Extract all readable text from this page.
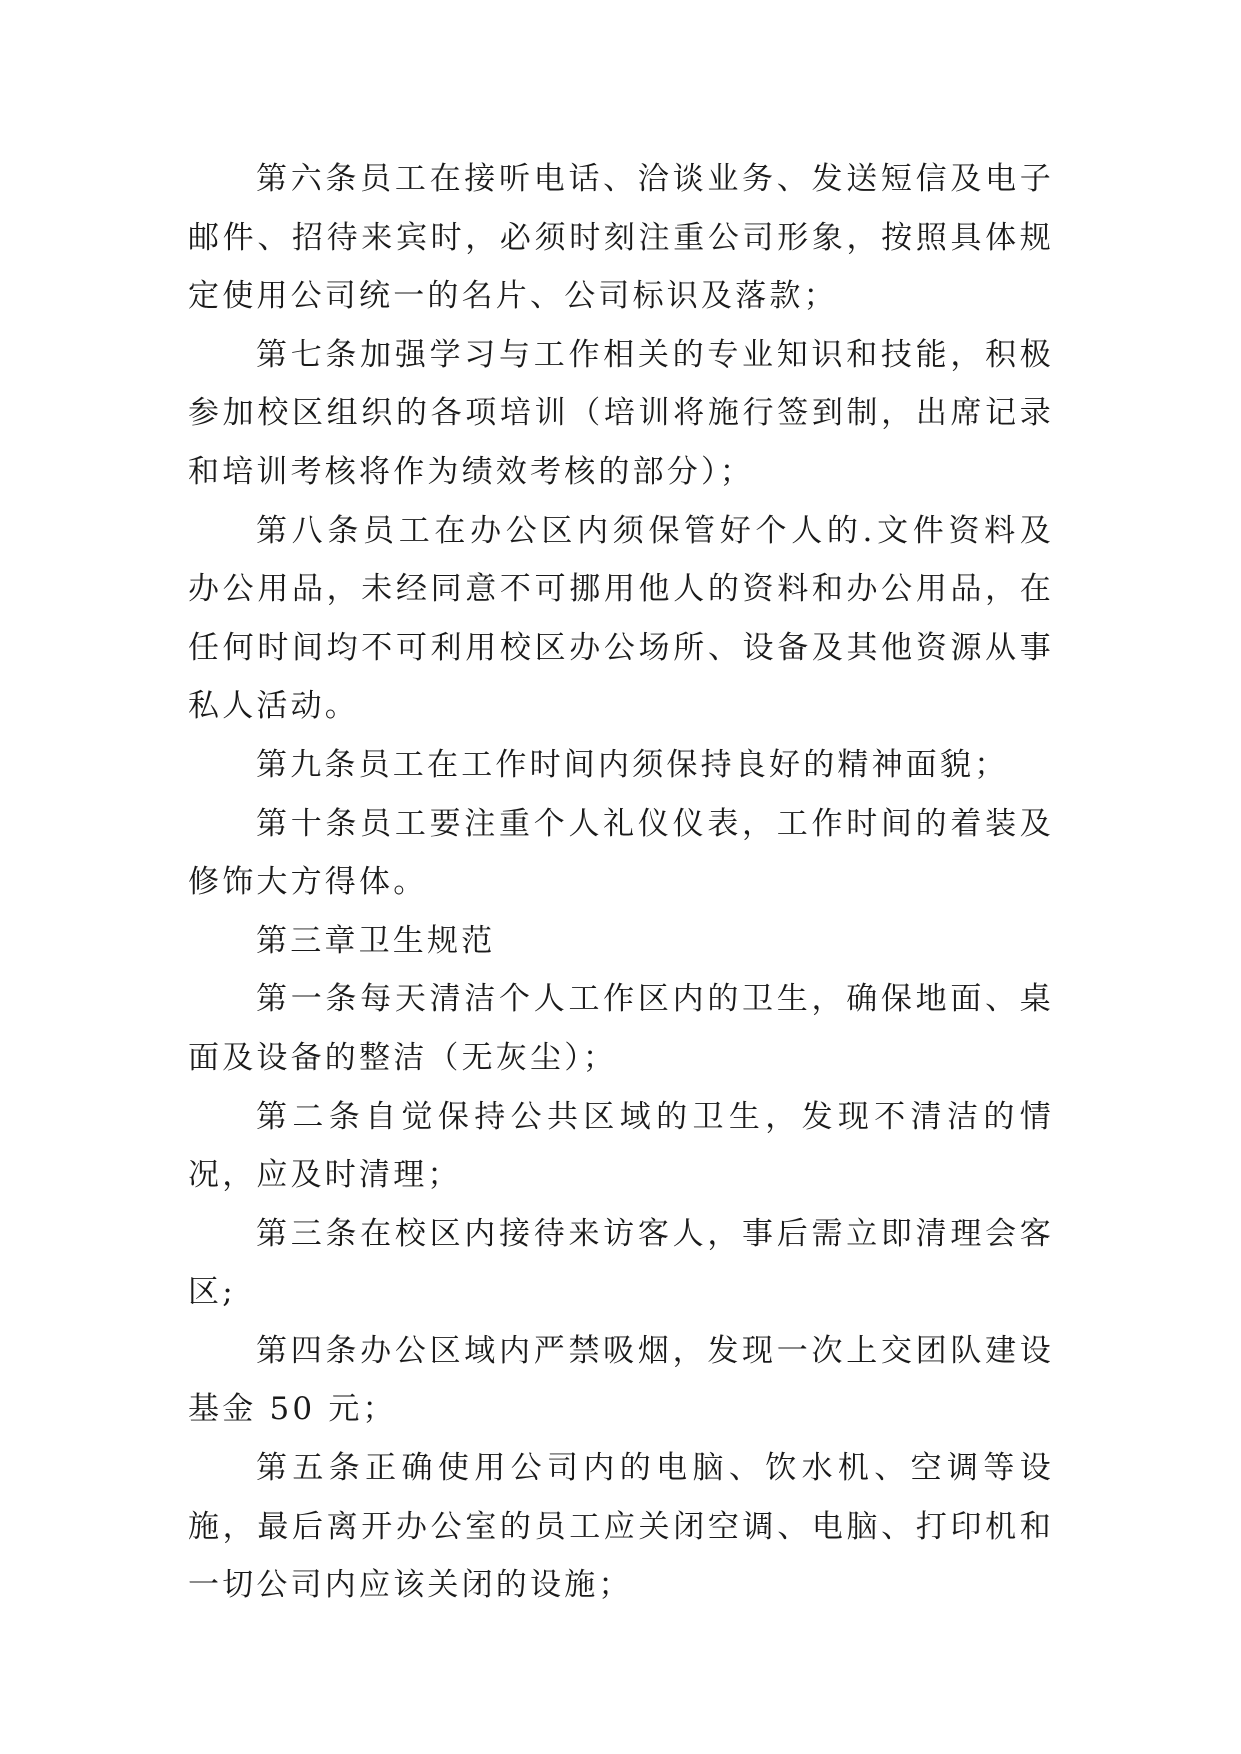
第六条员工在接听电话、洽谈业务、发送短信及电子邮件、招待来宾时，必须时刻注重公司形象，按照具体规定使用公司统一的名片、公司标识及落款；

第七条加强学习与工作相关的专业知识和技能，积极参加校区组织的各项培训（培训将施行签到制，出席记录和培训考核将作为绩效考核的部分）；

第八条员工在办公区内须保管好个人的.文件资料及办公用品，未经同意不可挪用他人的资料和办公用品，在任何时间均不可利用校区办公场所、设备及其他资源从事私人活动。

第九条员工在工作时间内须保持良好的精神面貌；

第十条员工要注重个人礼仪仪表，工作时间的着装及修饰大方得体。

第三章卫生规范

第一条每天清洁个人工作区内的卫生，确保地面、桌面及设备的整洁（无灰尘）；

第二条自觉保持公共区域的卫生，发现不清洁的情况，应及时清理；

第三条在校区内接待来访客人，事后需立即清理会客区;

第四条办公区域内严禁吸烟，发现一次上交团队建设基金 50 元；

第五条正确使用公司内的电脑、饮水机、空调等设施，最后离开办公室的员工应关闭空调、电脑、打印机和一切公司内应该关闭的设施；
